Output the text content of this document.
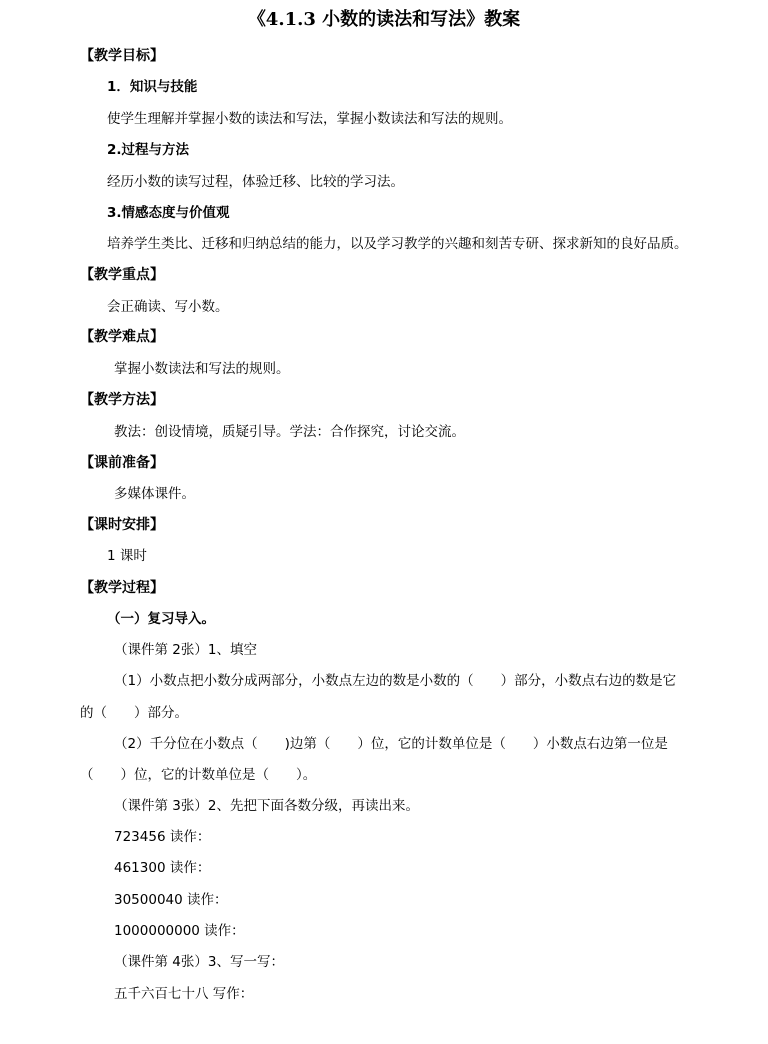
《4.1.3 小数的读法和写法》教案
【教学目标】
1．知识与技能
使学生理解并掌握小数的读法和写法，掌握小数读法和写法的规则。
2.过程与方法
经历小数的读写过程，体验迁移、比较的学习法。
3.情感态度与价值观
培养学生类比、迁移和归纳总结的能力，以及学习教学的兴趣和刻苦专研、探求新知的良好品质。
【教学重点】
会正确读、写小数。
【教学难点】
掌握小数读法和写法的规则。
【教学方法】
教法：创设情境，质疑引导。学法：合作探究，讨论交流。
【课前准备】
多媒体课件。
【课时安排】
1 课时
【教学过程】
（一）复习导入。
（课件第 2张）1、填空
（1）小数点把小数分成两部分，小数点左边的数是小数的（　　）部分，小数点右边的数是它
的（　　）部分。
（2）千分位在小数点（　　)边第（　　）位，它的计数单位是（　　）小数点右边第一位是
（　　）位，它的计数单位是（　　）。
（课件第 3张）2、先把下面各数分级，再读出来。
723456 读作：
461300 读作：
30500040 读作：
1000000000 读作：
（课件第 4张）3、写一写：
五千六百七十八 写作：
